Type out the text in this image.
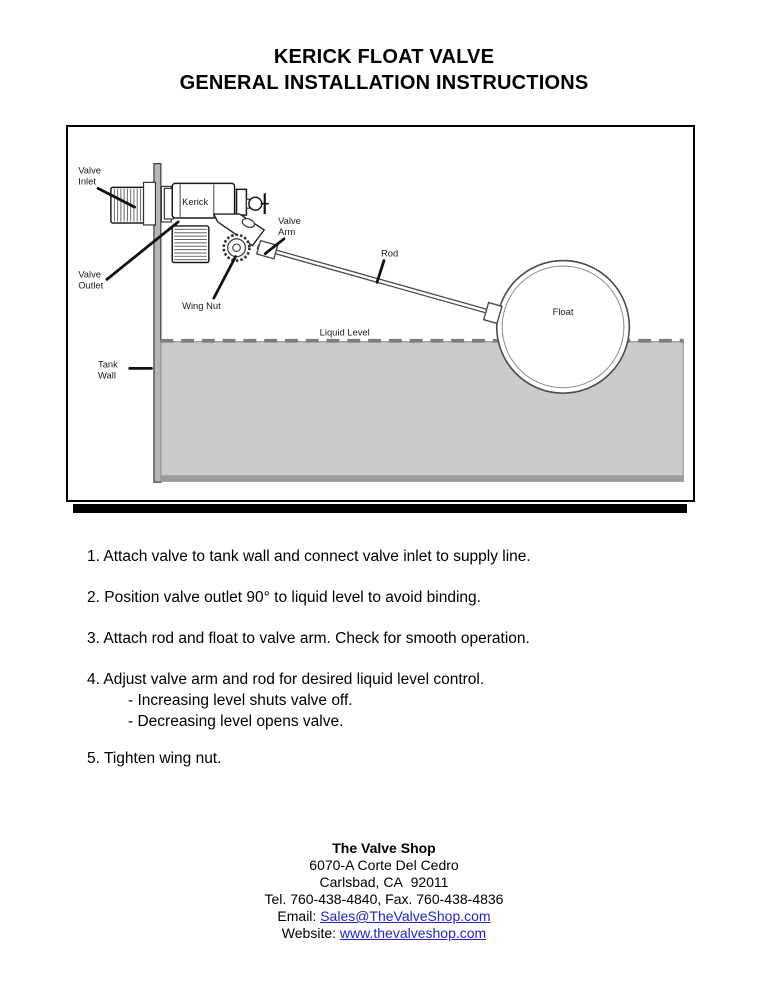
KERICK FLOAT VALVE
GENERAL INSTALLATION INSTRUCTIONS
Kerick
Valve
Inlet
Valve
Outlet
Wing Nut
Valve
Arm
Rod
Liquid Level
Tank
Wall
Float
1. Attach valve to tank wall and connect valve inlet to supply line.
2. Position valve outlet 90° to liquid level to avoid binding.
3. Attach rod and float to valve arm. Check for smooth operation.
4. Adjust valve arm and rod for desired liquid level control.
- Increasing level shuts valve off.
- Decreasing level opens valve.
5. Tighten wing nut.
The Valve Shop
6070-A Corte Del Cedro
Carlsbad, CA  92011
Tel. 760-438-4840, Fax. 760-438-4836
Email: Sales@TheValveShop.com
Website: www.thevalveshop.com
